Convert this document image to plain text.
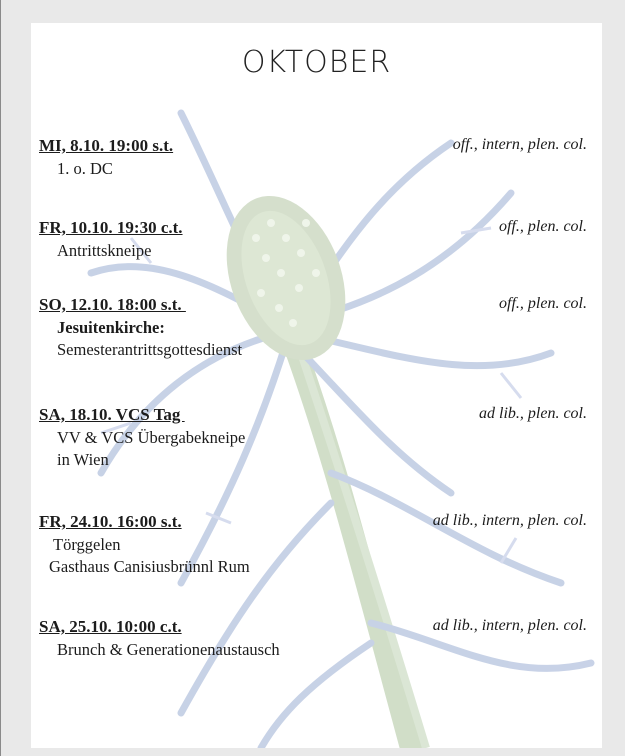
OKTOBER
MI, 8.10. 19:00 s.t.	off., intern, plen. col.
1. o. DC
FR, 10.10. 19:30 c.t.	off., plen. col.
Antrittskneipe
SO, 12.10. 18:00 s.t.	off., plen. col.
Jesuitenkirche:
Semesterantrittsgottesdienst
SA, 18.10. VCS Tag	ad lib., plen. col.
VV & VCS Übergabekneipe
in Wien
FR, 24.10. 16:00 s.t.	ad lib., intern, plen. col.
Törggelen
Gasthaus Canisiusbrünnl Rum
SA, 25.10. 10:00 c.t.	ad lib., intern, plen. col.
Brunch & Generationenaustausch
